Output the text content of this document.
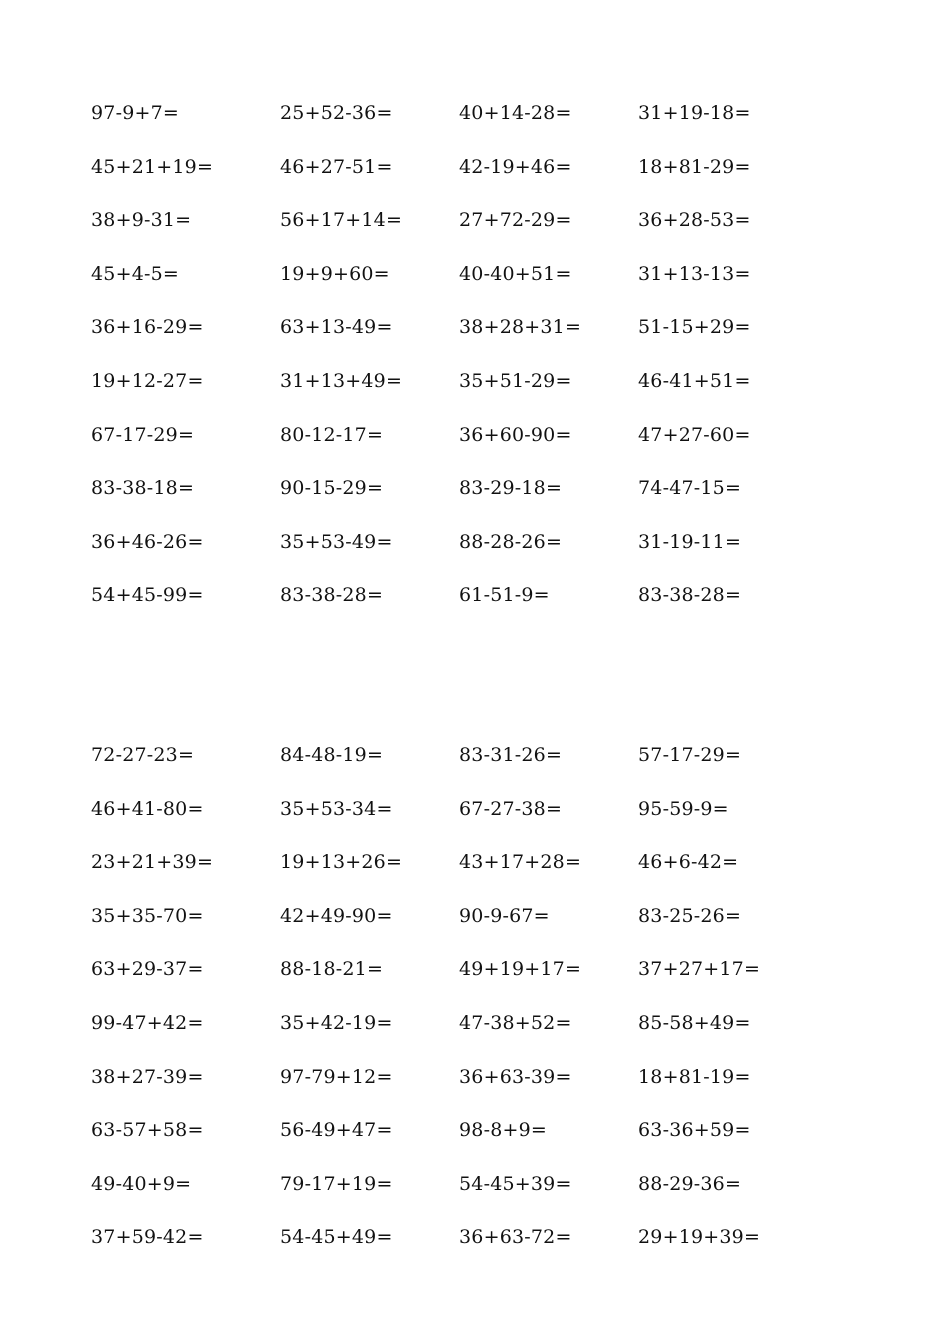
97-9+7=	25+52-36=	40+14-28=	31+19-18=
45+21+19=	46+27-51=	42-19+46=	18+81-29=
38+9-31=	56+17+14=	27+72-29=	36+28-53=
45+4-5=	19+9+60=	40-40+51=	31+13-13=
36+16-29=	63+13-49=	38+28+31=	51-15+29=
19+12-27=	31+13+49=	35+51-29=	46-41+51=
67-17-29=	80-12-17=	36+60-90=	47+27-60=
83-38-18=	90-15-29=	83-29-18=	74-47-15=
36+46-26=	35+53-49=	88-28-26=	31-19-11=
54+45-99=	83-38-28=	61-51-9=	83-38-28=
72-27-23=	84-48-19=	83-31-26=	57-17-29=
46+41-80=	35+53-34=	67-27-38=	95-59-9=
23+21+39=	19+13+26=	43+17+28=	46+6-42=
35+35-70=	42+49-90=	90-9-67=	83-25-26=
63+29-37=	88-18-21=	49+19+17=	37+27+17=
99-47+42=	35+42-19=	47-38+52=	85-58+49=
38+27-39=	97-79+12=	36+63-39=	18+81-19=
63-57+58=	56-49+47=	98-8+9=	63-36+59=
49-40+9=	79-17+19=	54-45+39=	88-29-36=
37+59-42=	54-45+49=	36+63-72=	29+19+39=
